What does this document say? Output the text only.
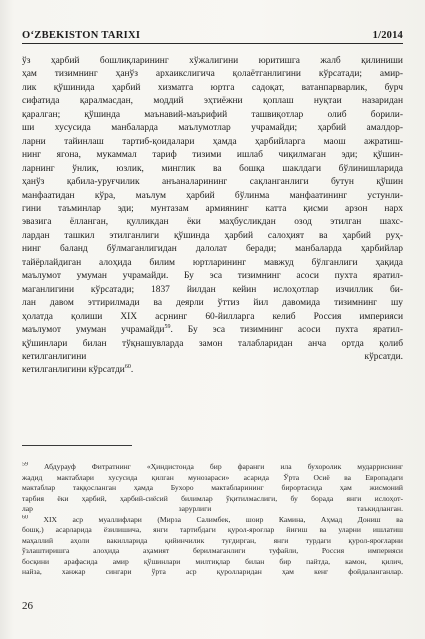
O‘ZBEKISTON TARIXI	1/2014

ўз ҳарбий бошлиқларининг хўжалигини юритишга жалб қилиниши
ҳам тизимнинг ҳанўз архаикслигича қолаётганлигини кўрсатади; амир-
лик қўшинида ҳарбий хизматга юртга садоқат, ватанпарварлик, бурч
сифатида қаралмасдан, моддий эҳтиёжни қоплаш нуқтаи назаридан
қаралган; қўшинда маънавий-маърифий ташвиқотлар олиб борили-
ши хусусида манбаларда маълумотлар учрамайди; ҳарбий амалдор-
ларни тайинлаш тартиб-қоидалари ҳамда ҳарбийларга маош ажратиш-
нинг ягона, мукаммал тариф тизими ишлаб чиқилмаган эди; қўшин-
ларнинг ўнлик, юзлик, минглик ва бошқа шаклдаги бўлинишларида
ҳанўз қабила-уруғчилик анъаналарининг сақланганлиги бутун қўшин
манфаатидан кўра, маълум ҳарбий бўлинма манфаатининг устунли-
гини таъминлар эди; мунтазам армиянинг катта қисми арзон нарх
эвазига ёлланган, қулликдан ёки маҳбусликдан озод этилган шахс-
лардан ташкил этилганлиги қўшинда ҳарбий салоҳият ва ҳарбий руҳ-
нинг бaланд бўлмаганлигидан далолат беради; манбаларда ҳарбийлар
тайёрлайдиган алоҳида билим юртларининг мавжуд бўлганлиги ҳақида
маълумот умуман учрамайди. Бу эса тизимнинг асоси пухта яратил-
маганлигини кўрсатади; 1837 йилдан кейин ислоҳотлар изчиллик би-
лан давом эттирилмади ва деярли ўттиз йил давомида тизимнинг шу
ҳолатда қолиши XIX асрнинг 60-йилларга келиб Россия империяси
маълумот умуман учрамайди$^{59}$. Бу эса тизимнинг асоси пухта яратил-
қўшинлари билан тўқнашувларда замон талабларидан анча ортда қолиб
кетилганлигини кўрсатди.
кетилганлигини кўрсатди$^{60}$.

$^{59}$ Абдурауф Фитратнинг «Ҳиндистонда бир фаранги ила бухоролик мударриснинг
жадид мактаблари хусусида қилган мунозараси» асарида Ўрта Осиё ва Европадаги
мактаблар таққосланган ҳамда Бухоро мактабларининг бирортасида ҳам жисмоний
тарбия ёки ҳарбий, ҳарбий-сиёсий билимлар ўқитилмаслиги, бу борада янги ислоҳот-
лар зарурлиги таъкидланган.
$^{60}$ XIX аср муаллифлари (Мирза Салимбек, шоир Камина, Аҳмад Дониш ва
бошқ.) асарларида ёзилишича, янги тартибдаги қурол-яроғлар йиғиш ва уларни ишлатиш
маҳаллий аҳоли вакилларида қийинчилик туғдирган, янги турдаги қурол-яроғларни
ўзлаштиришга алоҳида аҳамият берилмаганлиги туфайли, Россия империяси
босқини арафасида амир қўшинлари милтиқлар билан бир пайтда, камон, қилич,
найза, ханжар сингари ўрта аср қуролларидан ҳам кенг фойдаланганлар.
26
